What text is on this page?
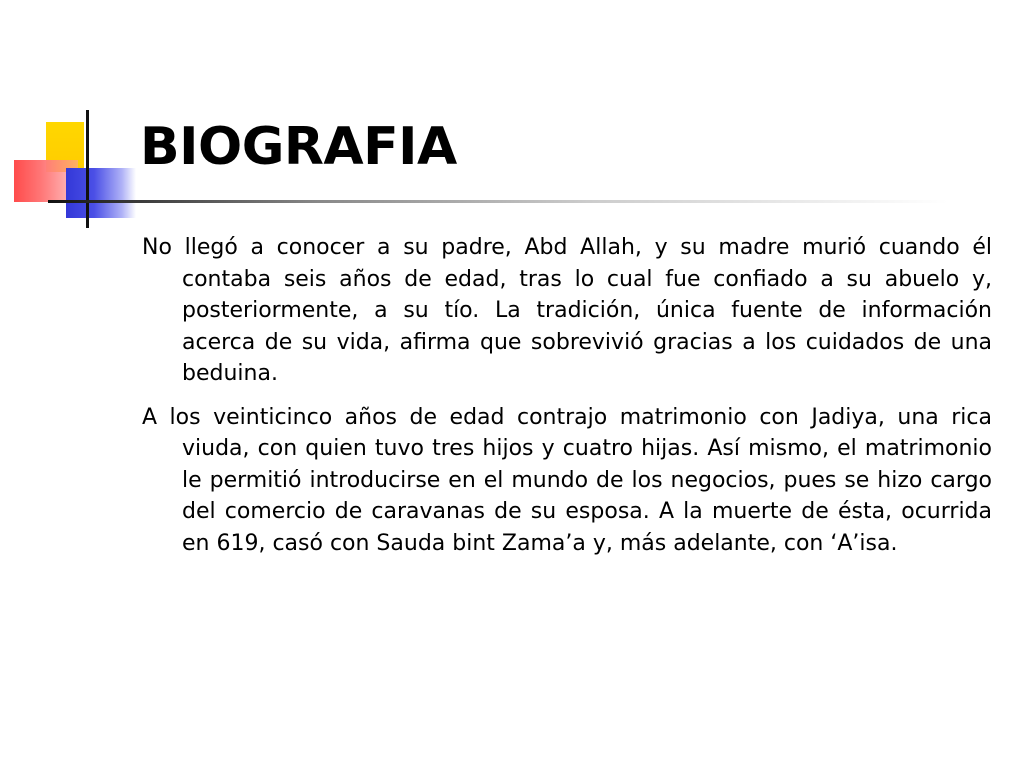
BIOGRAFIA

No llegó a conocer a su padre, Abd Allah, y su madre murió cuando él contaba seis años de edad, tras lo cual fue confiado a su abuelo y, posteriormente, a su tío. La tradición, única fuente de información acerca de su vida, afirma que sobrevivió gracias a los cuidados de una beduina.

A los veinticinco años de edad contrajo matrimonio con Jadiya, una rica viuda, con quien tuvo tres hijos y cuatro hijas. Así mismo, el matrimonio le permitió introducirse en el mundo de los negocios, pues se hizo cargo del comercio de caravanas de su esposa. A la muerte de ésta, ocurrida en 619, casó con Sauda bint Zama’a y, más adelante, con ‘A’isa.
